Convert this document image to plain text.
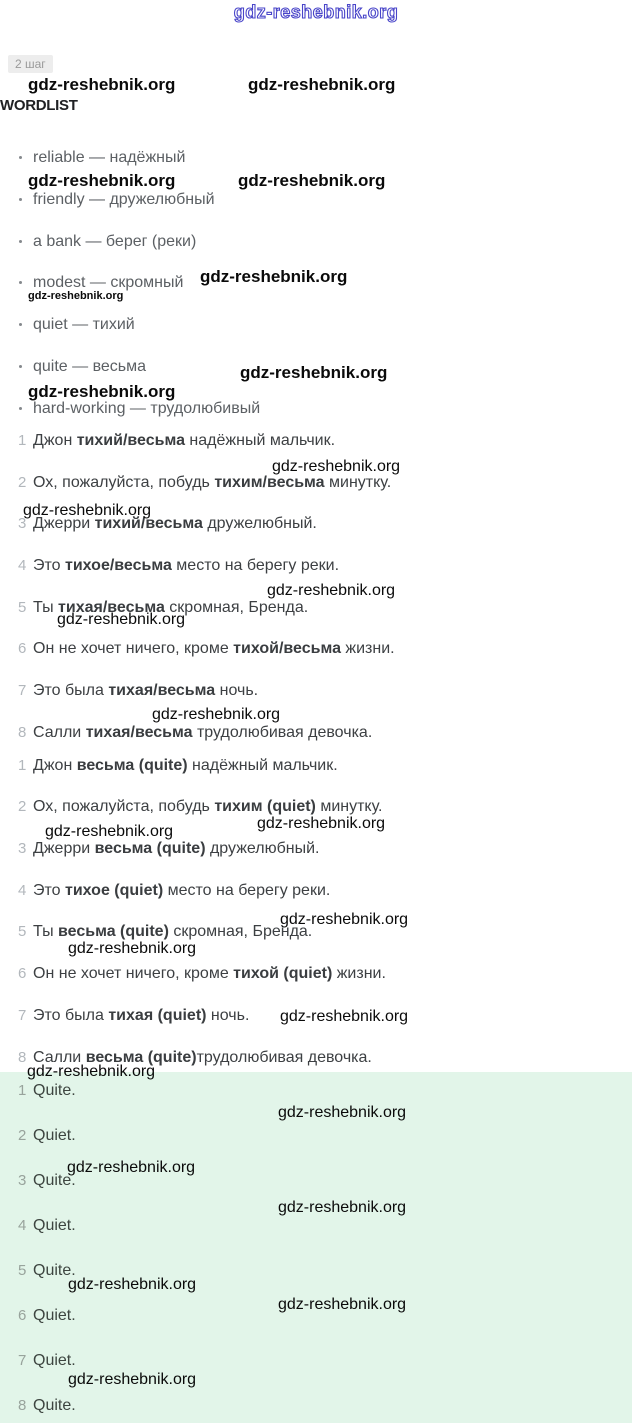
gdz-reshebnik.org
2 шаг
gdz-reshebnik.org	gdz-reshebnik.org
WORDLIST
reliable — надёжный
gdz-reshebnik.org	gdz-reshebnik.org
friendly — дружелюбный
a bank — берег (реки)
modest — скромный gdz-reshebnik.org
gdz-reshebnik.org
quiet — тихий
quite — весьма	gdz-reshebnik.org
gdz-reshebnik.org
hard-working — трудолюбивый
1 Джон тихий/весьма надёжный мальчик.
gdz-reshebnik.org
2 Ох, пожалуйста, побудь тихим/весьма минутку.
gdz-reshebnik.org
3 Джерри тихий/весьма дружелюбный.
4 Это тихое/весьма место на берегу реки.
gdz-reshebnik.org
5 Ты тихая/весьма скромная, Бренда.
gdz-reshebnik.org
6 Он не хочет ничего, кроме тихой/весьма жизни.
7 Это была тихая/весьма ночь.
gdz-reshebnik.org
8 Салли тихая/весьма трудолюбивая девочка.
1 Джон весьма (quite) надёжный мальчик.
2 Ох, пожалуйста, побудь тихим (quiet) минутку.
gdz-reshebnik.org
gdz-reshebnik.org
3 Джерри весьма (quite) дружелюбный.
4 Это тихое (quiet) место на берегу реки.
gdz-reshebnik.org
5 Ты весьма (quite) скромная, Бренда.
gdz-reshebnik.org
6 Он не хочет ничего, кроме тихой (quiet) жизни.
7 Это была тихая (quiet) ночь.	gdz-reshebnik.org
8 Салли весьма (quite)трудолюбивая девочка.
gdz-reshebnik.org
1 Quite.
gdz-reshebnik.org
2 Quiet.
gdz-reshebnik.org
3 Quite.
gdz-reshebnik.org
4 Quiet.
5 Quite.
gdz-reshebnik.org
gdz-reshebnik.org
6 Quiet.
7 Quiet.
gdz-reshebnik.org
8 Quite.
